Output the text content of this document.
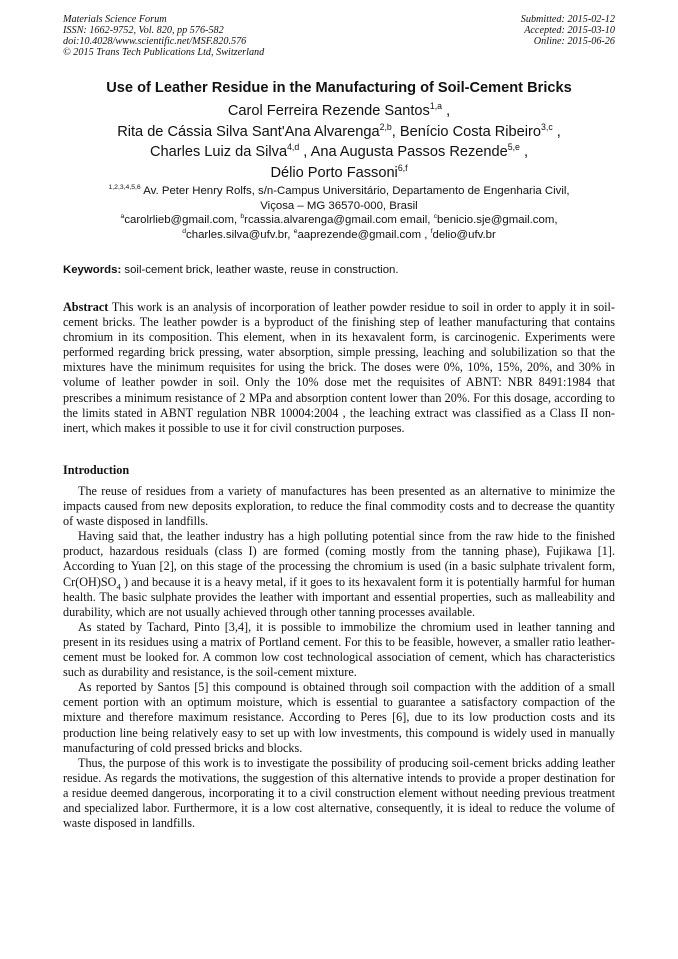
Materials Science Forum
ISSN: 1662-9752, Vol. 820, pp 576-582
doi:10.4028/www.scientific.net/MSF.820.576
© 2015 Trans Tech Publications Ltd, Switzerland
Submitted: 2015-02-12
Accepted: 2015-03-10
Online: 2015-06-26
Use of Leather Residue in the Manufacturing of Soil-Cement Bricks
Carol Ferreira Rezende Santos$^{1,a}$ ,
Rita de Cássia Silva Sant'Ana Alvarenga$^{2,b}$, Benício Costa Ribeiro$^{3,c}$ ,
Charles Luiz da Silva$^{4,d}$ , Ana Augusta Passos Rezende$^{5,e}$ ,
Délio Porto Fassoni$^{6,f}$
$^{1,2,3,4,5,6}$ Av. Peter Henry Rolfs, s/n-Campus Universitário, Departamento de Engenharia Civil,
Viçosa – MG 36570-000, Brasil
$^a$carolrlieb@gmail.com, $^b$rcassia.alvarenga@gmail.com email, $^c$benicio.sje@gmail.com,
$^d$charles.silva@ufv.br, $^e$aaprezende@gmail.com , $^f$delio@ufv.br
Keywords: soil-cement brick, leather waste, reuse in construction.

Abstract This work is an analysis of incorporation of leather powder residue to soil in order to apply it in soil-cement bricks. The leather powder is a byproduct of the finishing step of leather manufacturing that contains chromium in its composition. This element, when in its hexavalent form, is carcinogenic. Experiments were performed regarding brick pressing, water absorption, simple pressing, leaching and solubilization so that the mixtures have the minimum requisites for using the brick. The doses were 0%, 10%, 15%, 20%, and 30% in volume of leather powder in soil. Only the 10% dose met the requisites of ABNT: NBR 8491:1984 that prescribes a minimum resistance of 2 MPa and absorption content lower than 20%. For this dosage, according to the limits stated in ABNT regulation NBR 10004:2004 , the leaching extract was classified as a Class II non-inert, which makes it possible to use it for civil construction purposes.

Introduction

The reuse of residues from a variety of manufactures has been presented as an alternative to minimize the impacts caused from new deposits exploration, to reduce the final commodity costs and to decrease the quantity of waste disposed in landfills.

Having said that, the leather industry has a high polluting potential since from the raw hide to the finished product, hazardous residuals (class I) are formed (coming mostly from the tanning phase), Fujikawa [1]. According to Yuan [2], on this stage of the processing the chromium is used (in a basic sulphate trivalent form, $Cr(OH)SO_4$ ) and because it is a heavy metal, if it goes to its hexavalent form it is potentially harmful for human health. The basic sulphate provides the leather with important and essential properties, such as malleability and durability, which are not usually achieved through other tanning processes available.

As stated by Tachard, Pinto [3,4], it is possible to immobilize the chromium used in leather tanning and present in its residues using a matrix of Portland cement. For this to be feasible, however, a smaller ratio leather-cement must be looked for. A common low cost technological association of cement, which has characteristics such as durability and resistance, is the soil-cement mixture.

As reported by Santos [5] this compound is obtained through soil compaction with the addition of a small cement portion with an optimum moisture, which is essential to guarantee a satisfactory compaction of the mixture and therefore maximum resistance. According to Peres [6], due to its low production costs and its production line being relatively easy to set up with low investments, this compound is widely used in manually manufacturing of cold pressed bricks and blocks.

Thus, the purpose of this work is to investigate the possibility of producing soil-cement bricks adding leather residue. As regards the motivations, the suggestion of this alternative intends to provide a proper destination for a residue deemed dangerous, incorporating it to a civil construction element without needing previous treatment and specialized labor. Furthermore, it is a low cost alternative, consequently, it is ideal to reduce the volume of waste disposed in landfills.
